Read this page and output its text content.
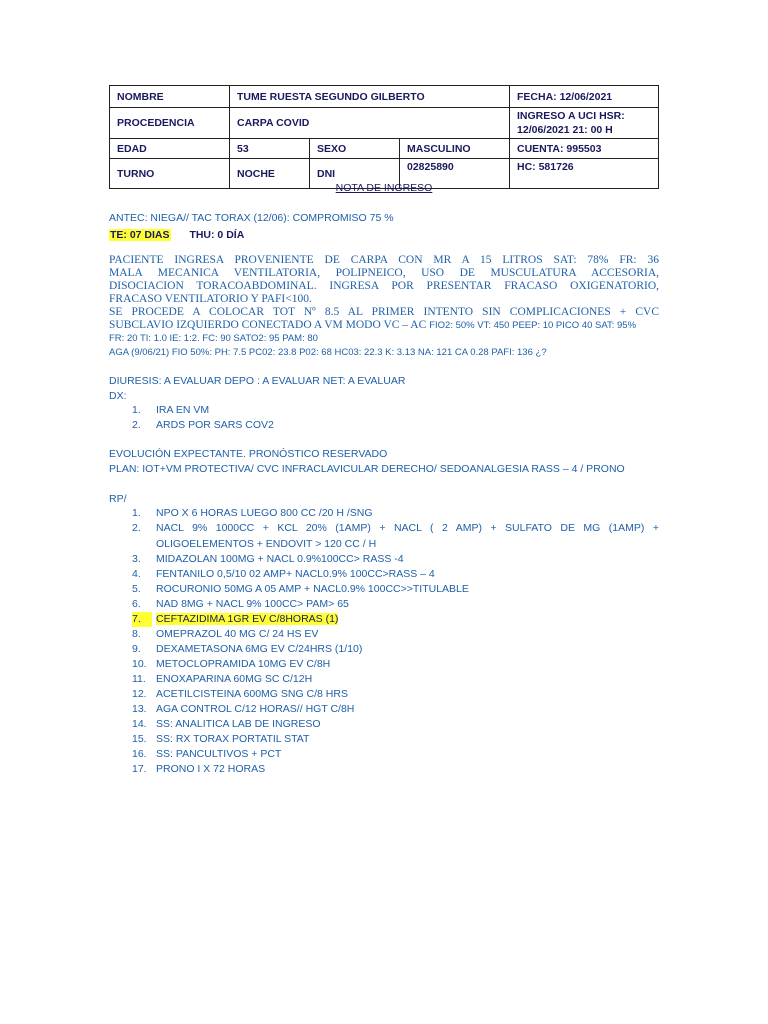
NOMBRE	TUME RUESTA SEGUNDO GILBERTO			FECHA: 12/06/2021
PROCEDENCIA	CARPA COVID			INGRESO A UCI HSR:
12/06/2021 21: 00 H

EDAD	53	SEXO	MASCULINO	CUENTA: 995503
TURNO	NOCHE	DNI	02825890	HC: 581726
NOTA DE INGRESO
ANTEC: NIEGA// TAC TORAX (12/06): COMPROMISO 75 %
TE: 07 DIAS THU: 0 DÍA
PACIENTE INGRESA PROVENIENTE DE CARPA CON MR A 15 LITROS SAT: 78% FR: 36
MALA MECANICA VENTILATORIA, POLIPNEICO, USO DE MUSCULATURA ACCESORIA,
DISOCIACION TORACOABDOMINAL. INGRESA POR PRESENTAR FRACASO OXIGENATORIO,
FRACASO VENTILATORIO Y PAFI<100.
SE PROCEDE A COLOCAR TOT Nº 8.5 AL PRIMER INTENTO SIN COMPLICACIONES + CVC
SUBCLAVIO IZQUIERDO CONECTADO A VM MODO VC – AC FIO2: 50% VT: 450 PEEP: 10 PICO 40 SAT: 95%
FR: 20 TI: 1.0 IE: 1:2. FC: 90 SATO2: 95 PAM: 80
AGA (9/06/21) FIO 50%: PH: 7.5 PC02: 23.8 P02: 68 HC03: 22.3 K: 3.13 NA: 121 CA 0.28 PAFI: 136 ¿?
DIURESIS: A EVALUAR DEPO : A EVALUAR NET: A EVALUAR
DX:
1.	IRA EN VM
2.	ARDS POR SARS COV2
EVOLUCIÓN EXPECTANTE. PRONÓSTICO RESERVADO
PLAN: IOT+VM PROTECTIVA/ CVC INFRACLAVICULAR DERECHO/ SEDOANALGESIA RASS – 4 / PRONO
RP/
1.	NPO X 6 HORAS LUEGO 800 CC /20 H /SNG
2.	NACL 9% 1000CC + KCL 20% (1AMP) + NACL ( 2 AMP) + SULFATO DE MG (1AMP) + OLIGOELEMENTOS + ENDOVIT > 120 CC / H
3.	MIDAZOLAN 100MG + NACL 0.9%100CC> RASS -4
4.	FENTANILO 0,5/10 02 AMP+ NACL0.9% 100CC>RASS – 4
5.	ROCURONIO 50MG A 05 AMP + NACL0.9% 100CC>>TITULABLE
6.	NAD 8MG + NACL 9% 100CC> PAM> 65
7.	CEFTAZIDIMA 1GR EV C/8HORAS (1)
8.	OMEPRAZOL 40 MG C/ 24 HS EV
9.	DEXAMETASONA 6MG EV C/24HRS (1/10)
10. METOCLOPRAMIDA 10MG EV C/8H
11. ENOXAPARINA 60MG SC C/12H
12. ACETILCISTEINA 600MG SNG C/8 HRS
13. AGA CONTROL C/12 HORAS// HGT C/8H
14. SS: ANALITICA LAB DE INGRESO
15. SS: RX TORAX PORTATIL STAT
16. SS: PANCULTIVOS + PCT
17. PRONO I X 72 HORAS
